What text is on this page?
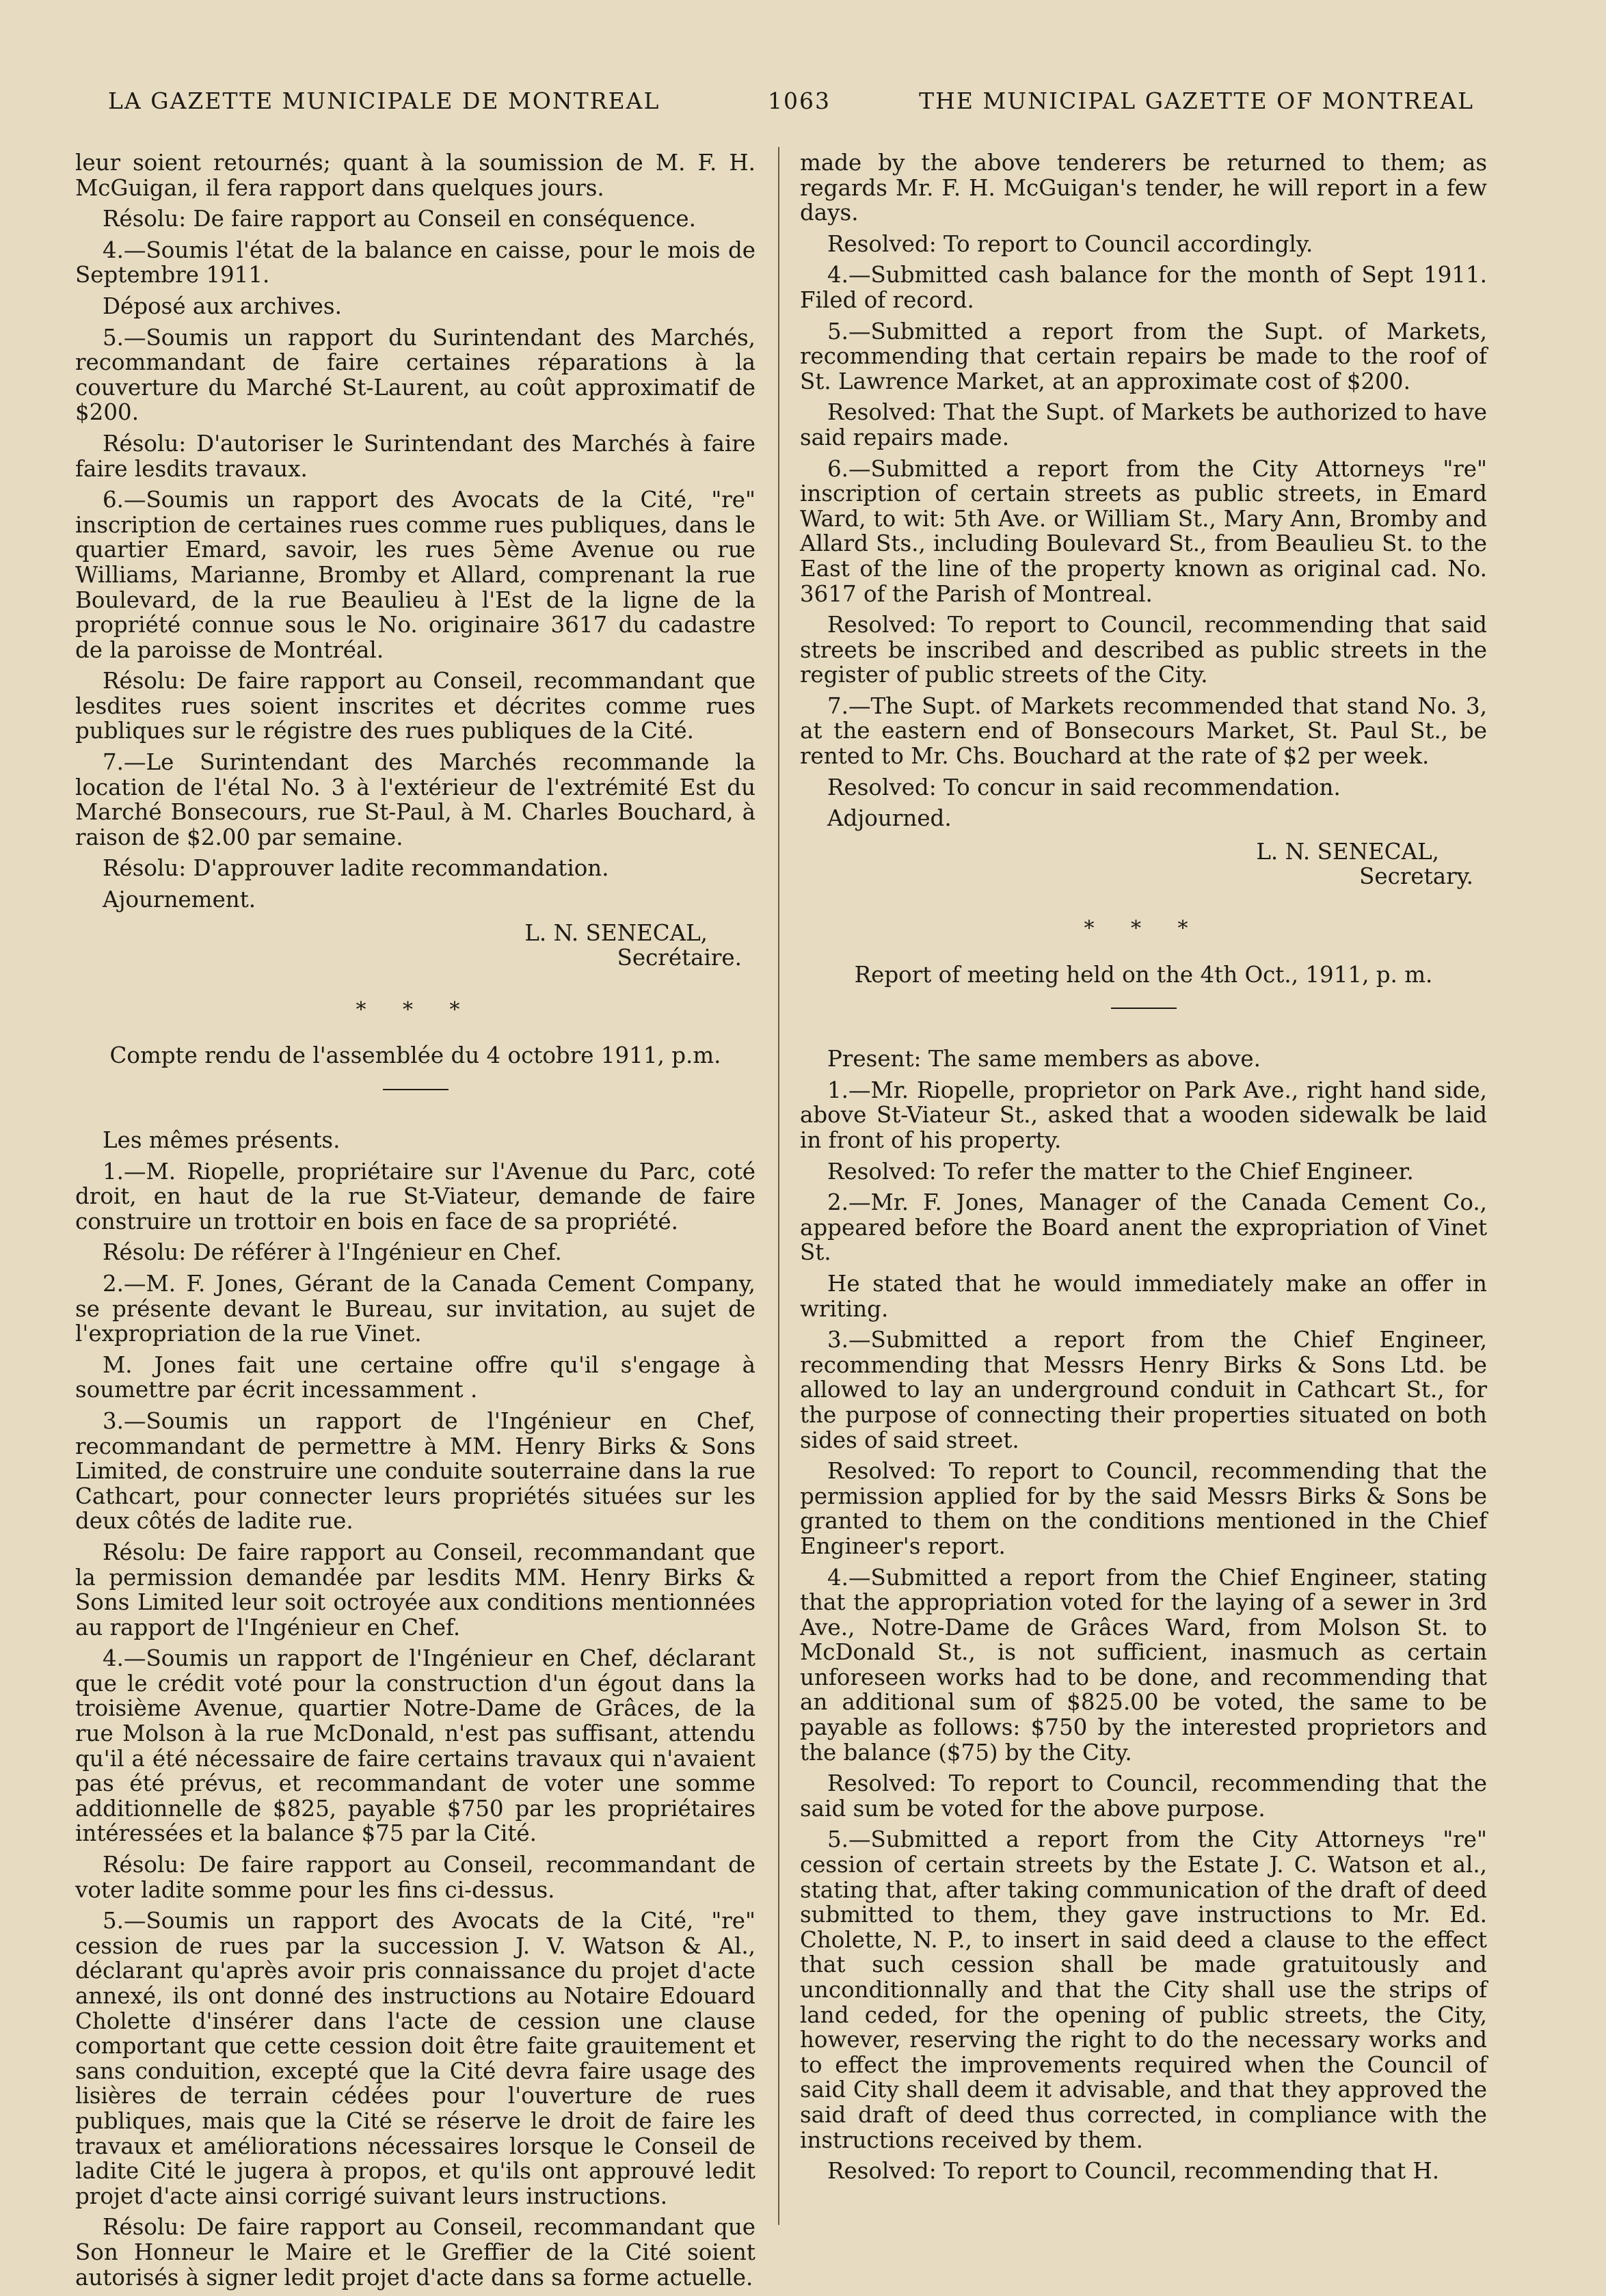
LA GAZETTE MUNICIPALE DE MONTREAL	1063	THE MUNICIPAL GAZETTE OF MONTREAL

leur soient retournés; quant à la soumission de M. F. H. McGuigan, il fera rapport dans quelques jours.

Résolu: De faire rapport au Conseil en conséquence.

4.—Soumis l'état de la balance en caisse, pour le mois de Septembre 1911.

Déposé aux archives.

5.—Soumis un rapport du Surintendant des Marchés, recommandant de faire certaines réparations à la couverture du Marché St-Laurent, au coût approximatif de $200.

Résolu: D'autoriser le Surintendant des Marchés à faire faire lesdits travaux.

6.—Soumis un rapport des Avocats de la Cité, "re" inscription de certaines rues comme rues publiques, dans le quartier Emard, savoir, les rues 5ème Avenue ou rue Williams, Marianne, Bromby et Allard, comprenant la rue Boulevard, de la rue Beaulieu à l'Est de la ligne de la propriété connue sous le No. originaire 3617 du cadastre de la paroisse de Montréal.

Résolu: De faire rapport au Conseil, recommandant que lesdites rues soient inscrites et décrites comme rues publiques sur le régistre des rues publiques de la Cité.

7.—Le Surintendant des Marchés recommande la location de l'étal No. 3 à l'extérieur de l'extrémité Est du Marché Bonsecours, rue St-Paul, à M. Charles Bouchard, à raison de $2.00 par semaine.

Résolu: D'approuver ladite recommandation.

Ajournement.

L. N. SENECAL,
Secrétaire.
* * *
Compte rendu de l'assemblée du 4 octobre 1911, p.m.

Les mêmes présents.

1.—M. Riopelle, propriétaire sur l'Avenue du Parc, coté droit, en haut de la rue St-Viateur, demande de faire construire un trottoir en bois en face de sa propriété.

Résolu: De référer à l'Ingénieur en Chef.

2.—M. F. Jones, Gérant de la Canada Cement Company, se présente devant le Bureau, sur invitation, au sujet de l'expropriation de la rue Vinet.

M. Jones fait une certaine offre qu'il s'engage à soumettre par écrit incessamment .

3.—Soumis un rapport de l'Ingénieur en Chef, recommandant de permettre à MM. Henry Birks & Sons Limited, de construire une conduite souterraine dans la rue Cathcart, pour connecter leurs propriétés situées sur les deux côtés de ladite rue.

Résolu: De faire rapport au Conseil, recommandant que la permission demandée par lesdits MM. Henry Birks & Sons Limited leur soit octroyée aux conditions mentionnées au rapport de l'Ingénieur en Chef.

4.—Soumis un rapport de l'Ingénieur en Chef, déclarant que le crédit voté pour la construction d'un égout dans la troisième Avenue, quartier Notre-Dame de Grâces, de la rue Molson à la rue McDonald, n'est pas suffisant, attendu qu'il a été nécessaire de faire certains travaux qui n'avaient pas été prévus, et recommandant de voter une somme additionnelle de $825, payable $750 par les propriétaires intéressées et la balance $75 par la Cité.

Résolu: De faire rapport au Conseil, recommandant de voter ladite somme pour les fins ci-dessus.

5.—Soumis un rapport des Avocats de la Cité, "re" cession de rues par la succession J. V. Watson & Al., déclarant qu'après avoir pris connaissance du projet d'acte annexé, ils ont donné des instructions au Notaire Edouard Cholette d'insérer dans l'acte de cession une clause comportant que cette cession doit être faite grauitement et sans conduition, excepté que la Cité devra faire usage des lisières de terrain cédées pour l'ouverture de rues publiques, mais que la Cité se réserve le droit de faire les travaux et améliorations nécessaires lorsque le Conseil de ladite Cité le jugera à propos, et qu'ils ont approuvé ledit projet d'acte ainsi corrigé suivant leurs instructions.

Résolu: De faire rapport au Conseil, recommandant que Son Honneur le Maire et le Greffier de la Cité soient autorisés à signer ledit projet d'acte dans sa forme actuelle.

made by the above tenderers be returned to them; as regards Mr. F. H. McGuigan's tender, he will report in a few days.

Resolved: To report to Council accordingly.

4.—Submitted cash balance for the month of Sept 1911. Filed of record.

5.—Submitted a report from the Supt. of Markets, recommending that certain repairs be made to the roof of St. Lawrence Market, at an approximate cost of $200.

Resolved: That the Supt. of Markets be authorized to have said repairs made.

6.—Submitted a report from the City Attorneys "re" inscription of certain streets as public streets, in Emard Ward, to wit: 5th Ave. or William St., Mary Ann, Bromby and Allard Sts., including Boulevard St., from Beaulieu St. to the East of the line of the property known as original cad. No. 3617 of the Parish of Montreal.

Resolved: To report to Council, recommending that said streets be inscribed and described as public streets in the register of public streets of the City.

7.—The Supt. of Markets recommended that stand No. 3, at the eastern end of Bonsecours Market, St. Paul St., be rented to Mr. Chs. Bouchard at the rate of $2 per week.

Resolved: To concur in said recommendation.

Adjourned.

L. N. SENECAL,
Secretary.
* * *
Report of meeting held on the 4th Oct., 1911, p. m.

Present: The same members as above.

1.—Mr. Riopelle, proprietor on Park Ave., right hand side, above St-Viateur St., asked that a wooden sidewalk be laid in front of his property.

Resolved: To refer the matter to the Chief Engineer.

2.—Mr. F. Jones, Manager of the Canada Cement Co., appeared before the Board anent the expropriation of Vinet St.

He stated that he would immediately make an offer in writing.

3.—Submitted a report from the Chief Engineer, recommending that Messrs Henry Birks & Sons Ltd. be allowed to lay an underground conduit in Cathcart St., for the purpose of connecting their properties situated on both sides of said street.

Resolved: To report to Council, recommending that the permission applied for by the said Messrs Birks & Sons be granted to them on the conditions mentioned in the Chief Engineer's report.

4.—Submitted a report from the Chief Engineer, stating that the appropriation voted for the laying of a sewer in 3rd Ave., Notre-Dame de Grâces Ward, from Molson St. to McDonald St., is not sufficient, inasmuch as certain unforeseen works had to be done, and recommending that an additional sum of $825.00 be voted, the same to be payable as follows: $750 by the interested proprietors and the balance ($75) by the City.

Resolved: To report to Council, recommending that the said sum be voted for the above purpose.

5.—Submitted a report from the City Attorneys "re" cession of certain streets by the Estate J. C. Watson et al., stating that, after taking communication of the draft of deed submitted to them, they gave instructions to Mr. Ed. Cholette, N. P., to insert in said deed a clause to the effect that such cession shall be made gratuitously and unconditionnally and that the City shall use the strips of land ceded, for the opening of public streets, the City, however, reserving the right to do the necessary works and to effect the improvements required when the Council of said City shall deem it advisable, and that they approved the said draft of deed thus corrected, in compliance with the instructions received by them.

Resolved: To report to Council, recommending that H.
